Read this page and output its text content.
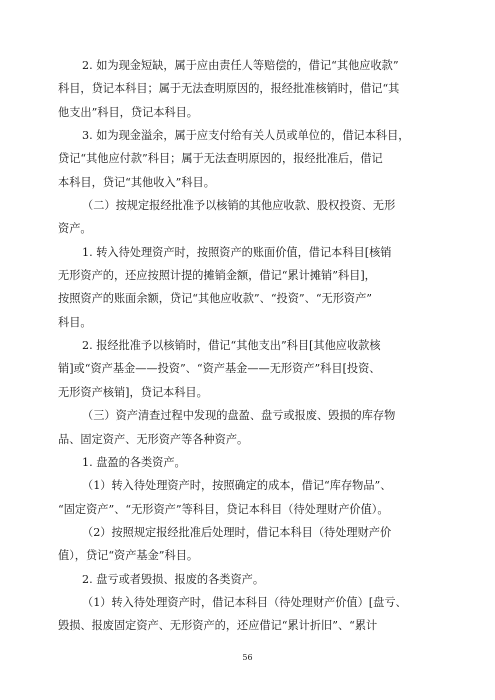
2. 如为现金短缺，属于应由责任人等赔偿的，借记“其他应收款”
科目，贷记本科目；属于无法查明原因的，报经批准核销时，借记“其
他支出”科目，贷记本科目。
3. 如为现金溢余，属于应支付给有关人员或单位的，借记本科目，
贷记“其他应付款”科目；属于无法查明原因的，报经批准后，借记
本科目，贷记“其他收入”科目。
（二）按规定报经批准予以核销的其他应收款、股权投资、无形
资产。
1. 转入待处理资产时，按照资产的账面价值，借记本科目[核销
无形资产的，还应按照计提的摊销金额，借记“累计摊销”科目]，
按照资产的账面余额，贷记“其他应收款”、“投资”、“无形资产”
科目。
2. 报经批准予以核销时，借记“其他支出”科目[其他应收款核
销]或“资产基金——投资”、“资产基金——无形资产”科目[投资、
无形资产核销]，贷记本科目。
（三）资产清查过程中发现的盘盈、盘亏或报废、毁损的库存物
品、固定资产、无形资产等各种资产。
1. 盘盈的各类资产。
（1）转入待处理资产时，按照确定的成本，借记“库存物品”、
“固定资产”、“无形资产”等科目，贷记本科目（待处理财产价值）。
（2）按照规定报经批准后处理时，借记本科目（待处理财产价
值），贷记“资产基金”科目。
2. 盘亏或者毁损、报废的各类资产。
（1）转入待处理资产时，借记本科目（待处理财产价值）[盘亏、
毁损、报废固定资产、无形资产的，还应借记“累计折旧”、“累计
56
